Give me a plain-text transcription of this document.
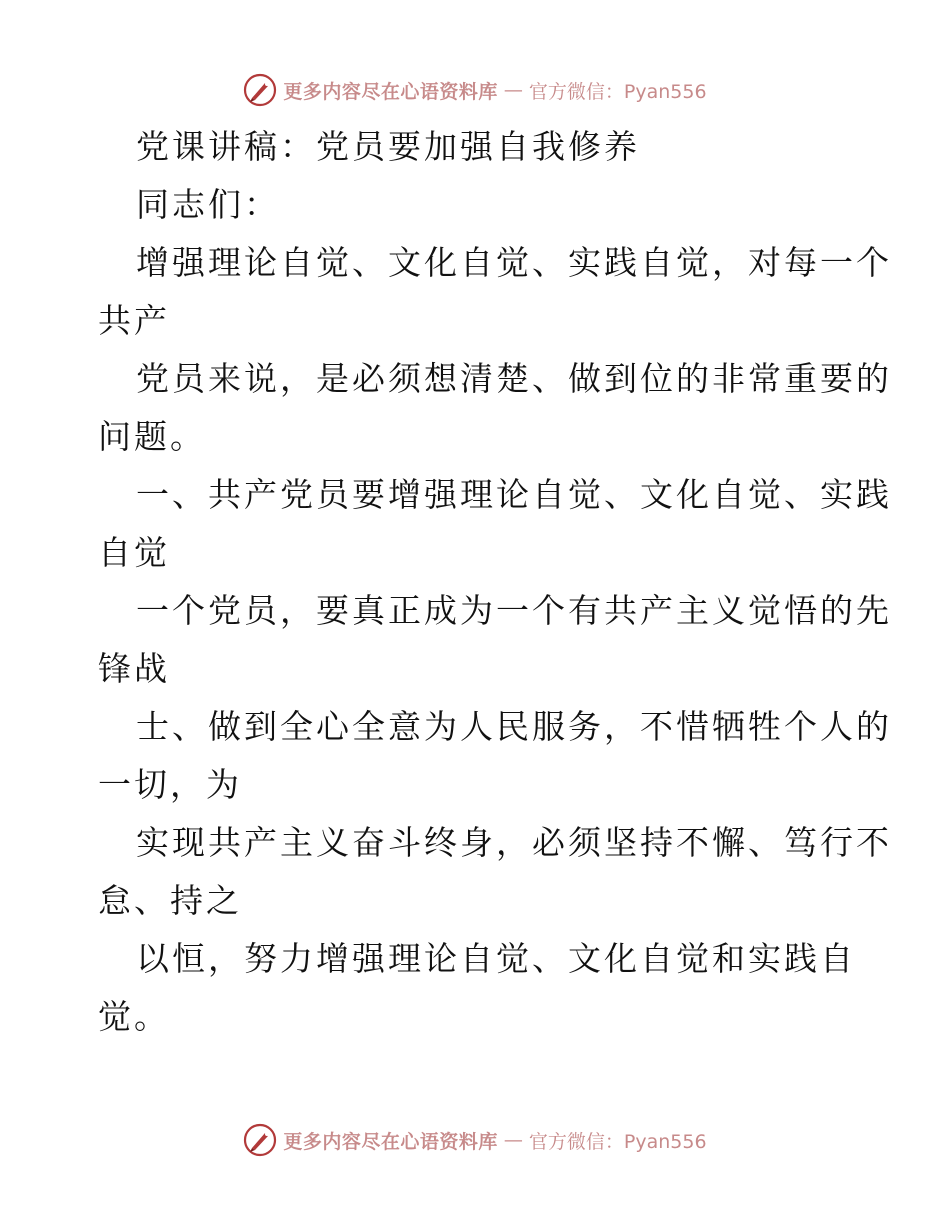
更多内容尽在心语资料库 — 官方微信：Pyan556
党课讲稿：党员要加强自我修养
同志们：
增强理论自觉、文化自觉、实践自觉，对每一个
共产
党员来说，是必须想清楚、做到位的非常重要的
问题。
一、共产党员要增强理论自觉、文化自觉、实践
自觉
一个党员，要真正成为一个有共产主义觉悟的先
锋战
士、做到全心全意为人民服务，不惜牺牲个人的
一切，为
实现共产主义奋斗终身，必须坚持不懈、笃行不
怠、持之
以恒，努力增强理论自觉、文化自觉和实践自
觉。
更多内容尽在心语资料库 — 官方微信：Pyan556
